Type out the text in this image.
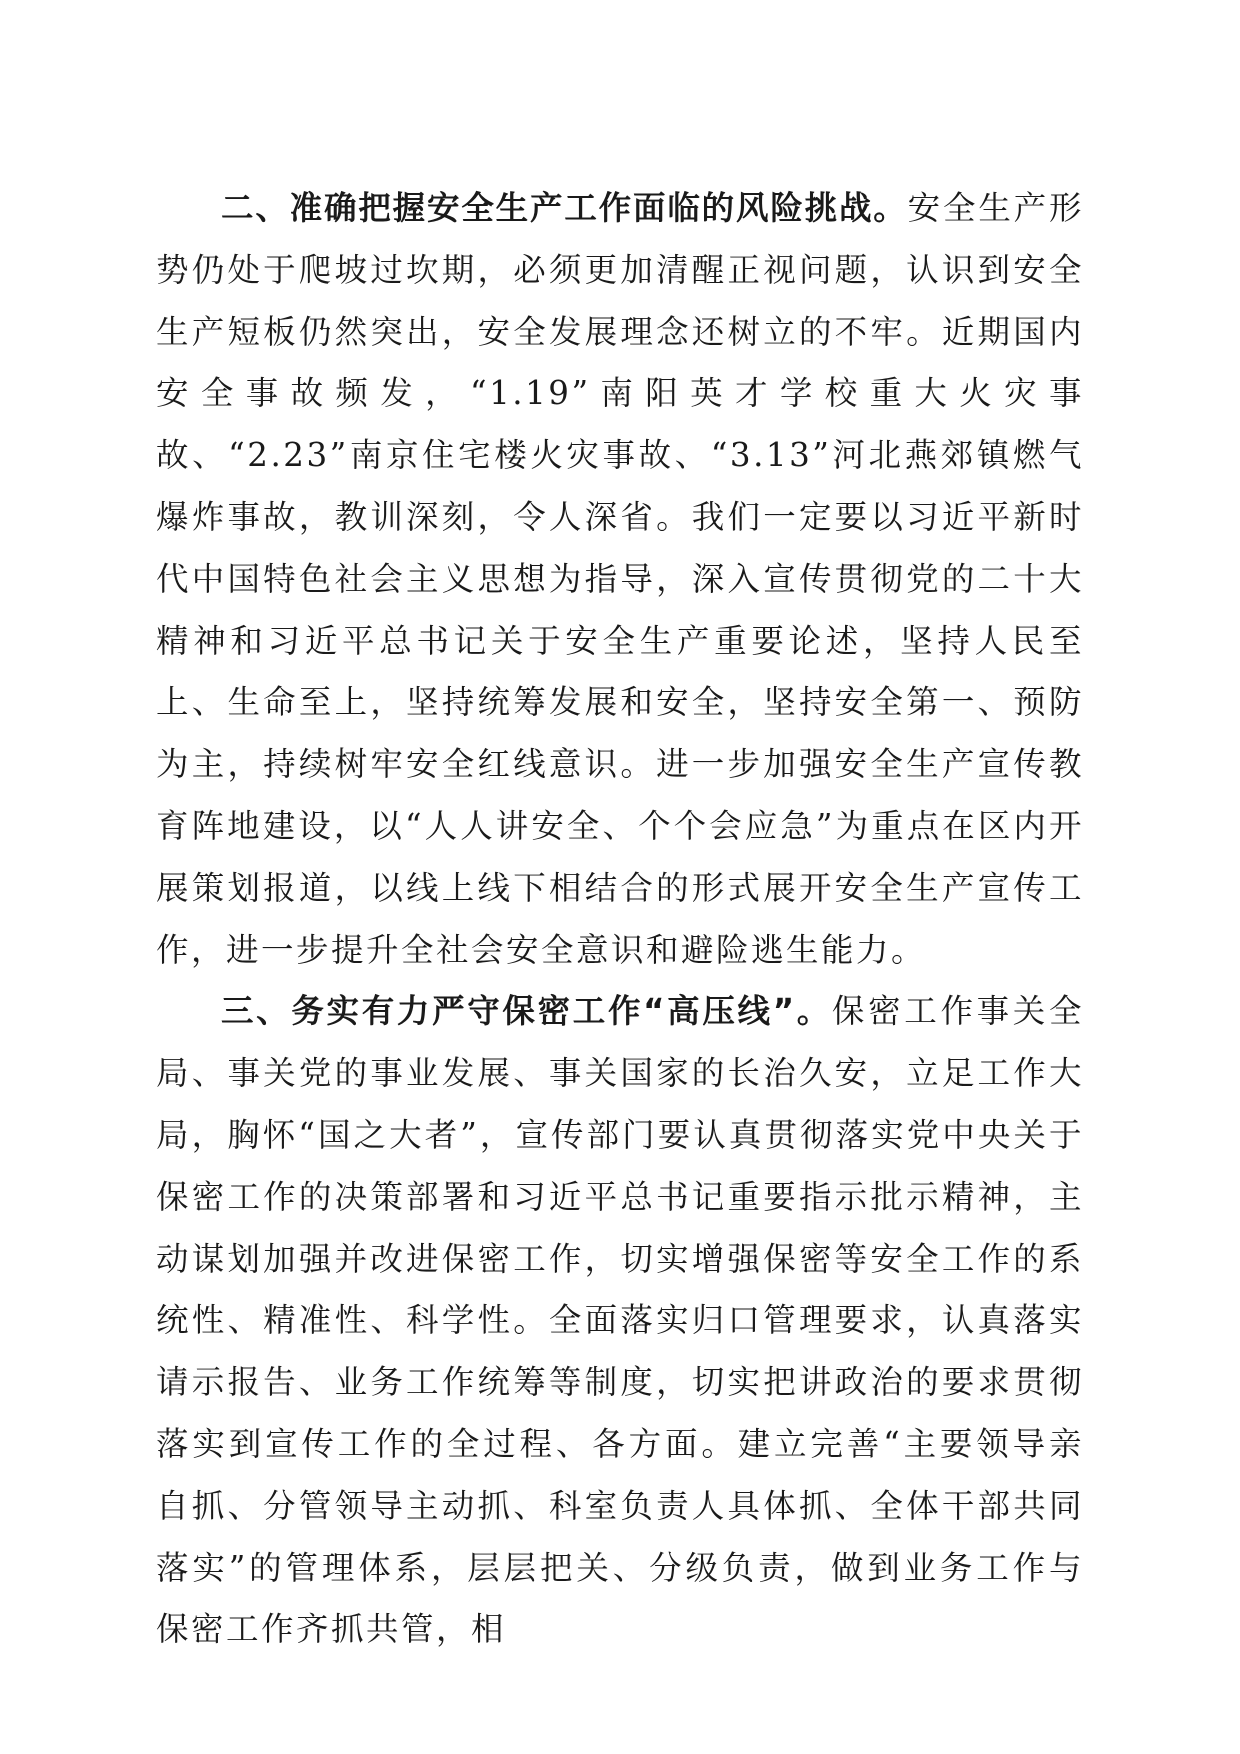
二、准确把握安全生产工作面临的风险挑战。安全生产形势仍处于爬坡过坎期，必须更加清醒正视问题，认识到安全生产短板仍然突出，安全发展理念还树立的不牢。近期国内安全事故频发，“1.19”南阳英才学校重大火灾事故、“2.23”南京住宅楼火灾事故、“3.13”河北燕郊镇燃气爆炸事故，教训深刻，令人深省。我们一定要以习近平新时代中国特色社会主义思想为指导，深入宣传贯彻党的二十大精神和习近平总书记关于安全生产重要论述，坚持人民至上、生命至上，坚持统筹发展和安全，坚持安全第一、预防为主，持续树牢安全红线意识。进一步加强安全生产宣传教育阵地建设，以“人人讲安全、个个会应急”为重点在区内开展策划报道，以线上线下相结合的形式展开安全生产宣传工作，进一步提升全社会安全意识和避险逃生能力。

三、务实有力严守保密工作“高压线”。保密工作事关全局、事关党的事业发展、事关国家的长治久安，立足工作大局，胸怀“国之大者”，宣传部门要认真贯彻落实党中央关于保密工作的决策部署和习近平总书记重要指示批示精神，主动谋划加强并改进保密工作，切实增强保密等安全工作的系统性、精准性、科学性。全面落实归口管理要求，认真落实请示报告、业务工作统筹等制度，切实把讲政治的要求贯彻落实到宣传工作的全过程、各方面。建立完善“主要领导亲自抓、分管领导主动抓、科室负责人具体抓、全体干部共同落实”的管理体系，层层把关、分级负责，做到业务工作与保密工作齐抓共管，相
